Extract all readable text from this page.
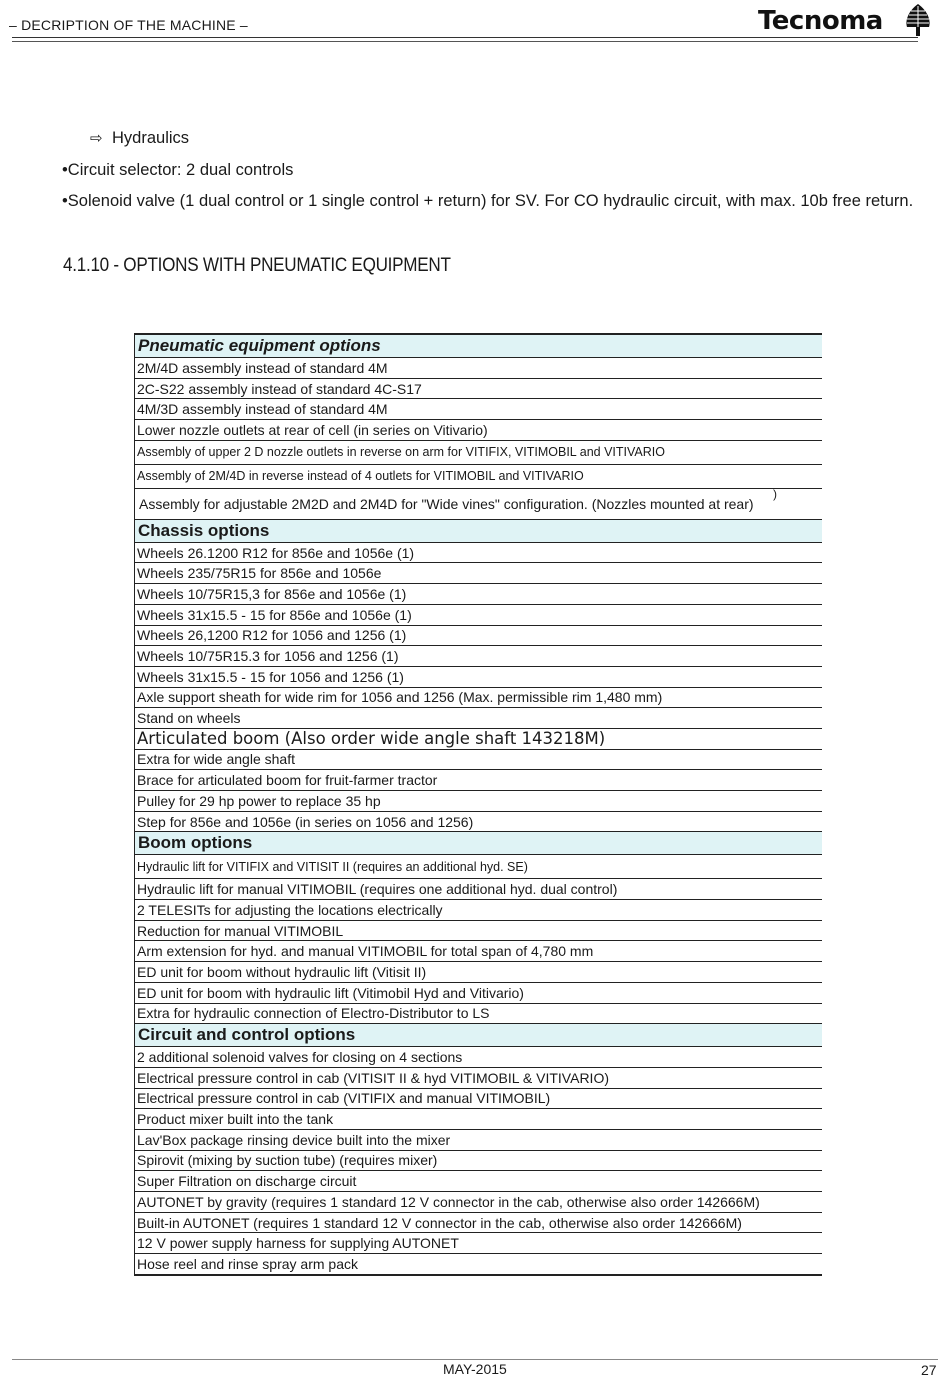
– DECRIPTION OF THE MACHINE –	Tecnoma
⇨ Hydraulics
•Circuit selector: 2 dual controls
•Solenoid valve (1 dual control or 1 single control + return) for SV. For CO hydraulic circuit, with max. 10b free return.
4.1.10 - OPTIONS WITH PNEUMATIC EQUIPMENT
Pneumatic equipment options
2M/4D assembly instead of standard 4M
2C-S22 assembly instead of standard 4C-S17
4M/3D assembly instead of standard 4M
Lower nozzle outlets at rear of cell (in series on Vitivario)
Assembly of upper 2 D nozzle outlets in reverse on arm for VITIFIX, VITIMOBIL and VITIVARIO
Assembly of 2M/4D in reverse instead of 4 outlets for VITIMOBIL and VITIVARIO
Assembly for adjustable 2M2D and 2M4D for "Wide vines" configuration. (Nozzles mounted at rear)
Chassis options
Wheels 26.1200 R12 for 856e and 1056e (1)
Wheels 235/75R15 for 856e and 1056e
Wheels 10/75R15,3 for 856e and 1056e (1)
Wheels 31x15.5 - 15 for 856e and 1056e (1)
Wheels 26,1200 R12 for 1056 and 1256 (1)
Wheels 10/75R15.3 for 1056 and 1256 (1)
Wheels 31x15.5 - 15 for 1056 and 1256 (1)
Axle support sheath for wide rim for 1056 and 1256 (Max. permissible rim 1,480 mm)
Stand on wheels
Articulated boom (Also order wide angle shaft 143218M)
Extra for wide angle shaft
Brace for articulated boom for fruit-farmer tractor
Pulley for 29 hp power to replace 35 hp
Step for 856e and 1056e (in series on 1056 and 1256)
Boom options
Hydraulic lift for VITIFIX and VITISIT II (requires an additional hyd. SE)
Hydraulic lift for manual VITIMOBIL (requires one additional hyd. dual control)
2 TELESITs for adjusting the locations electrically
Reduction for manual VITIMOBIL
Arm extension for hyd. and manual VITIMOBIL for total span of 4,780 mm
ED unit for boom without hydraulic lift (Vitisit II)
ED unit for boom with hydraulic lift (Vitimobil Hyd and Vitivario)
Extra for hydraulic connection of Electro-Distributor to LS
Circuit and control options
2 additional solenoid valves for closing on 4 sections
Electrical pressure control in cab (VITISIT II & hyd VITIMOBIL & VITIVARIO)
Electrical pressure control in cab (VITIFIX and manual VITIMOBIL)
Product mixer built into the tank
Lav'Box package rinsing device built into the mixer
Spirovit (mixing by suction tube) (requires mixer)
Super Filtration on discharge circuit
AUTONET by gravity (requires 1 standard 12 V connector in the cab, otherwise also order 142666M)
Built-in AUTONET (requires 1 standard 12 V connector in the cab, otherwise also order 142666M)
12 V power supply harness for supplying AUTONET
Hose reel and rinse spray arm pack
)
MAY-2015	27
